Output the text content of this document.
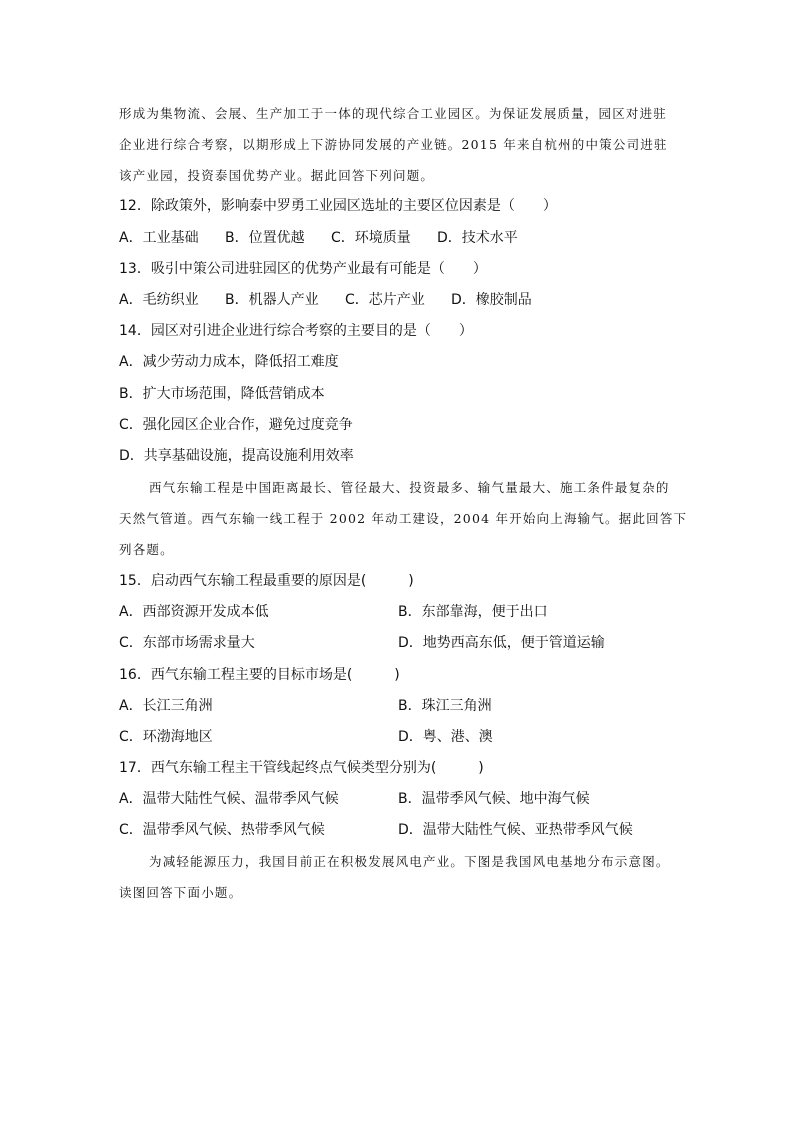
形成为集物流、会展、生产加工于一体的现代综合工业园区。为保证发展质量，园区对进驻
企业进行综合考察，以期形成上下游协同发展的产业链。2015 年来自杭州的中策公司进驻
该产业园，投资泰国优势产业。据此回答下列问题。
12．除政策外，影响泰中罗勇工业园区选址的主要区位因素是（　　）
A．工业基础 B．位置优越 C．环境质量 D．技术水平
13．吸引中策公司进驻园区的优势产业最有可能是（　　）
A．毛纺织业 B．机器人产业 C．芯片产业 D．橡胶制品
14．园区对引进企业进行综合考察的主要目的是（　　）
A．减少劳动力成本，降低招工难度
B．扩大市场范围，降低营销成本
C．强化园区企业合作，避免过度竞争
D．共享基础设施，提高设施利用效率
西气东输工程是中国距离最长、管径最大、投资最多、输气量最大、施工条件最复杂的
天然气管道。西气东输一线工程于 2002 年动工建设，2004 年开始向上海输气。据此回答下
列各题。
15．启动西气东输工程最重要的原因是(　　　)
A．西部资源开发成本低	B．东部靠海，便于出口
C．东部市场需求量大	D．地势西高东低，便于管道运输
16．西气东输工程主要的目标市场是(　　　)
A．长江三角洲	B．珠江三角洲
C．环渤海地区	D．粤、港、澳
17．西气东输工程主干管线起终点气候类型分别为(　　　)
A．温带大陆性气候、温带季风气候	B．温带季风气候、地中海气候
C．温带季风气候、热带季风气候	D．温带大陆性气候、亚热带季风气候
为减轻能源压力，我国目前正在积极发展风电产业。下图是我国风电基地分布示意图。
读图回答下面小题。
